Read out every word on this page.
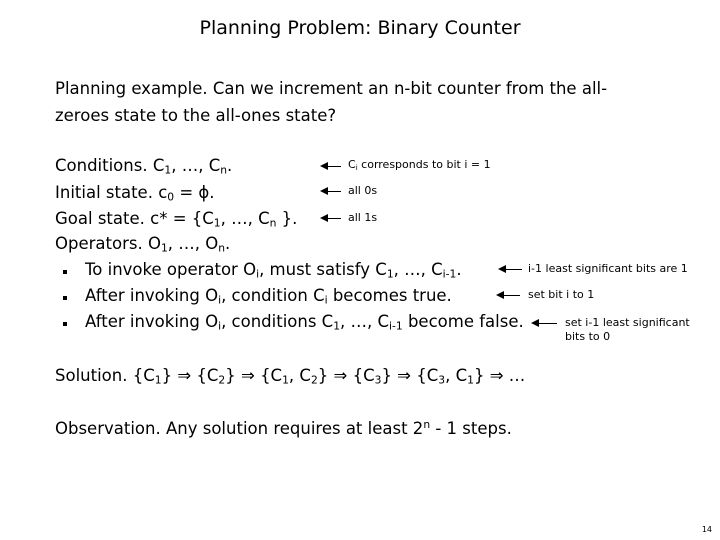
Planning Problem: Binary Counter
Planning example. Can we increment an n-bit counter from the all-
zeroes state to the all-ones state?
Conditions. $C_1$, …, $C_n$.
Initial state. $c_0 = \phi$.
Goal state. $c* = \{C_1$, …, $C_n$ }.
Operators. $O_1$, …, $O_n$.
To invoke operator $O_i$, must satisfy $C_1$, …, $C_{i-1}$.
After invoking $O_i$, condition $C_i$ becomes true.
After invoking $O_i$, conditions $C_1$, …, $C_{i-1}$ become false.
$C_i$ corresponds to bit i = 1
all 0s
all 1s
i-1 least significant bits are 1
set bit i to 1
set i-1 least significant
bits to 0
Solution. $\{C_1\}$ ⇒ $\{C_2\}$ ⇒ {$C_1$, $C_2$} ⇒ $\{C_3\}$ ⇒ {$C_3$, $C_1$} ⇒ …
Observation. Any solution requires at least 2$^n$ - 1 steps.
14
